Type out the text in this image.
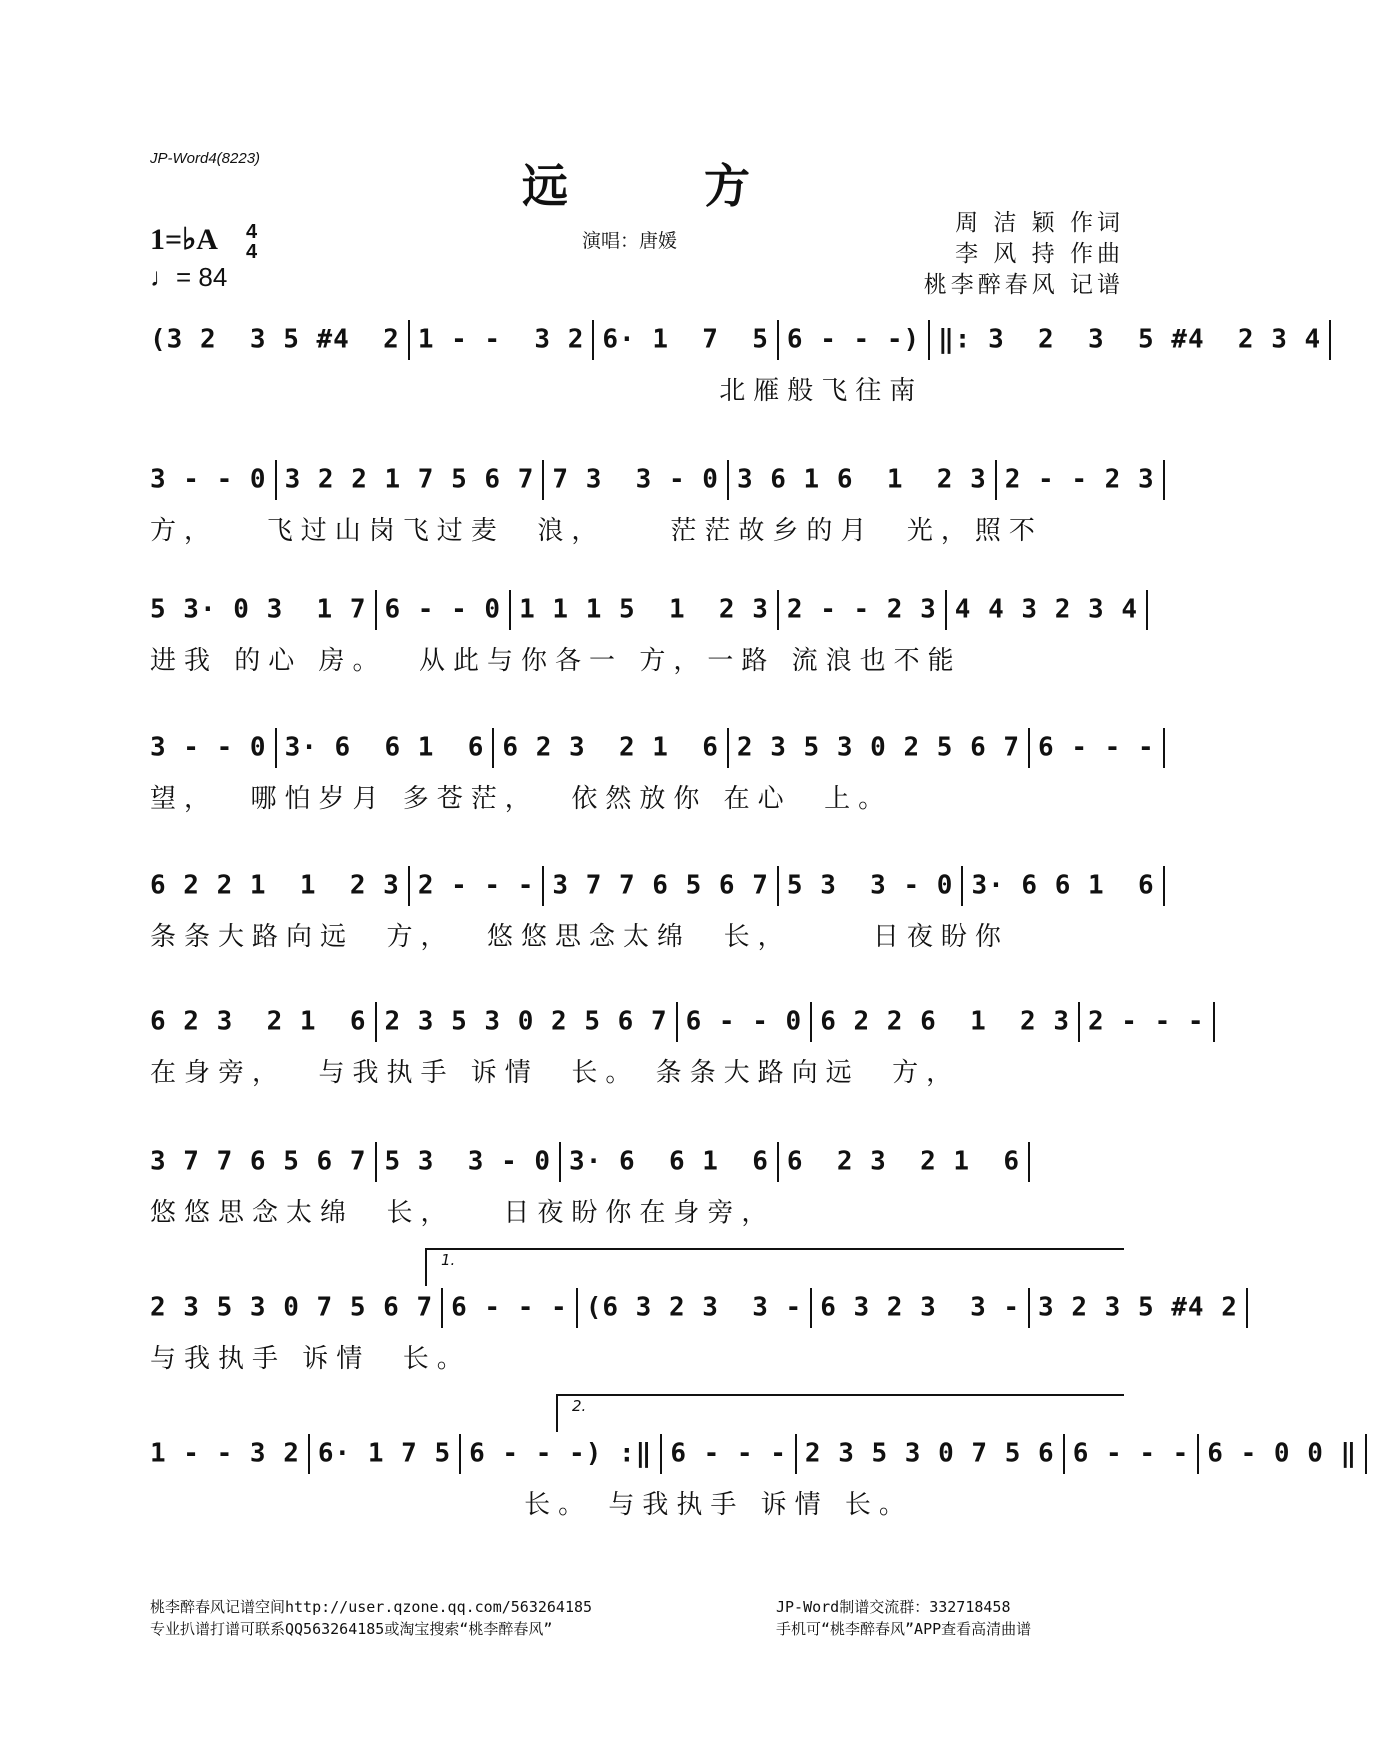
JP-Word4(8223)
远 方
1=♭A 4
4
♩= 84
演唱：唐媛
周 洁 颖 作词
李 风 持 作曲
桃李醉春风 记谱
(3 2  3 5 #4  2 1 - -  3 2 6· 1  7  5 6 - - -) ‖: 3  2  3  5 #4  2 3 4
北雁般飞往南
3 - - 0 3 2 2 1 7 5 6 7 7 3  3 - 0 3 6 1 6  1  2 3 2 - - 2 3
方，   飞过山岗飞过麦  浪，    茫茫故乡的月  光，照不
5 3· 0 3  1 7 6 - - 0 1 1 1 5  1  2 3 2 - - 2 3 4 4 3 2 3 4
进我 的心 房。  从此与你各一 方，一路 流浪也不能
3 - - 0 3· 6  6 1  6 6 2 3  2 1  6 2 3 5 3 0 2 5 6 7 6 - - -
望，  哪怕岁月 多苍茫，  依然放你 在心  上。
6 2 2 1  1  2 3 2 - - - 3 7 7 6 5 6 7 5 3  3 - 0 3· 6 6 1  6
条条大路向远  方，  悠悠思念太绵  长，     日夜盼你
6 2 3  2 1  6 2 3 5 3 0 2 5 6 7 6 - - 0 6 2 2 6  1  2 3 2 - - -
在身旁，  与我执手 诉情  长。 条条大路向远  方，
3 7 7 6 5 6 7 5 3  3 - 0 3· 6  6 1  6 6  2 3  2 1  6
悠悠思念太绵  长，   日夜盼你在身旁，
1.
2 3 5 3 0 7 5 6 7 6 - - - (6 3 2 3  3 - 6 3 2 3  3 - 3 2 3 5 #4 2
与我执手 诉情  长。
2.
1 - - 3 2 6· 1 7 5 6 - - -) :‖ 6 - - - 2 3 5 3 0 7 5 6 6 - - - 6 - 0 0 ‖
长。 与我执手 诉情 长。
桃李醉春风记谱空间http://user.qzone.qq.com/563264185
专业扒谱打谱可联系QQ563264185或淘宝搜索“桃李醉春风”
JP-Word制谱交流群：332718458
手机可“桃李醉春风”APP查看高清曲谱
